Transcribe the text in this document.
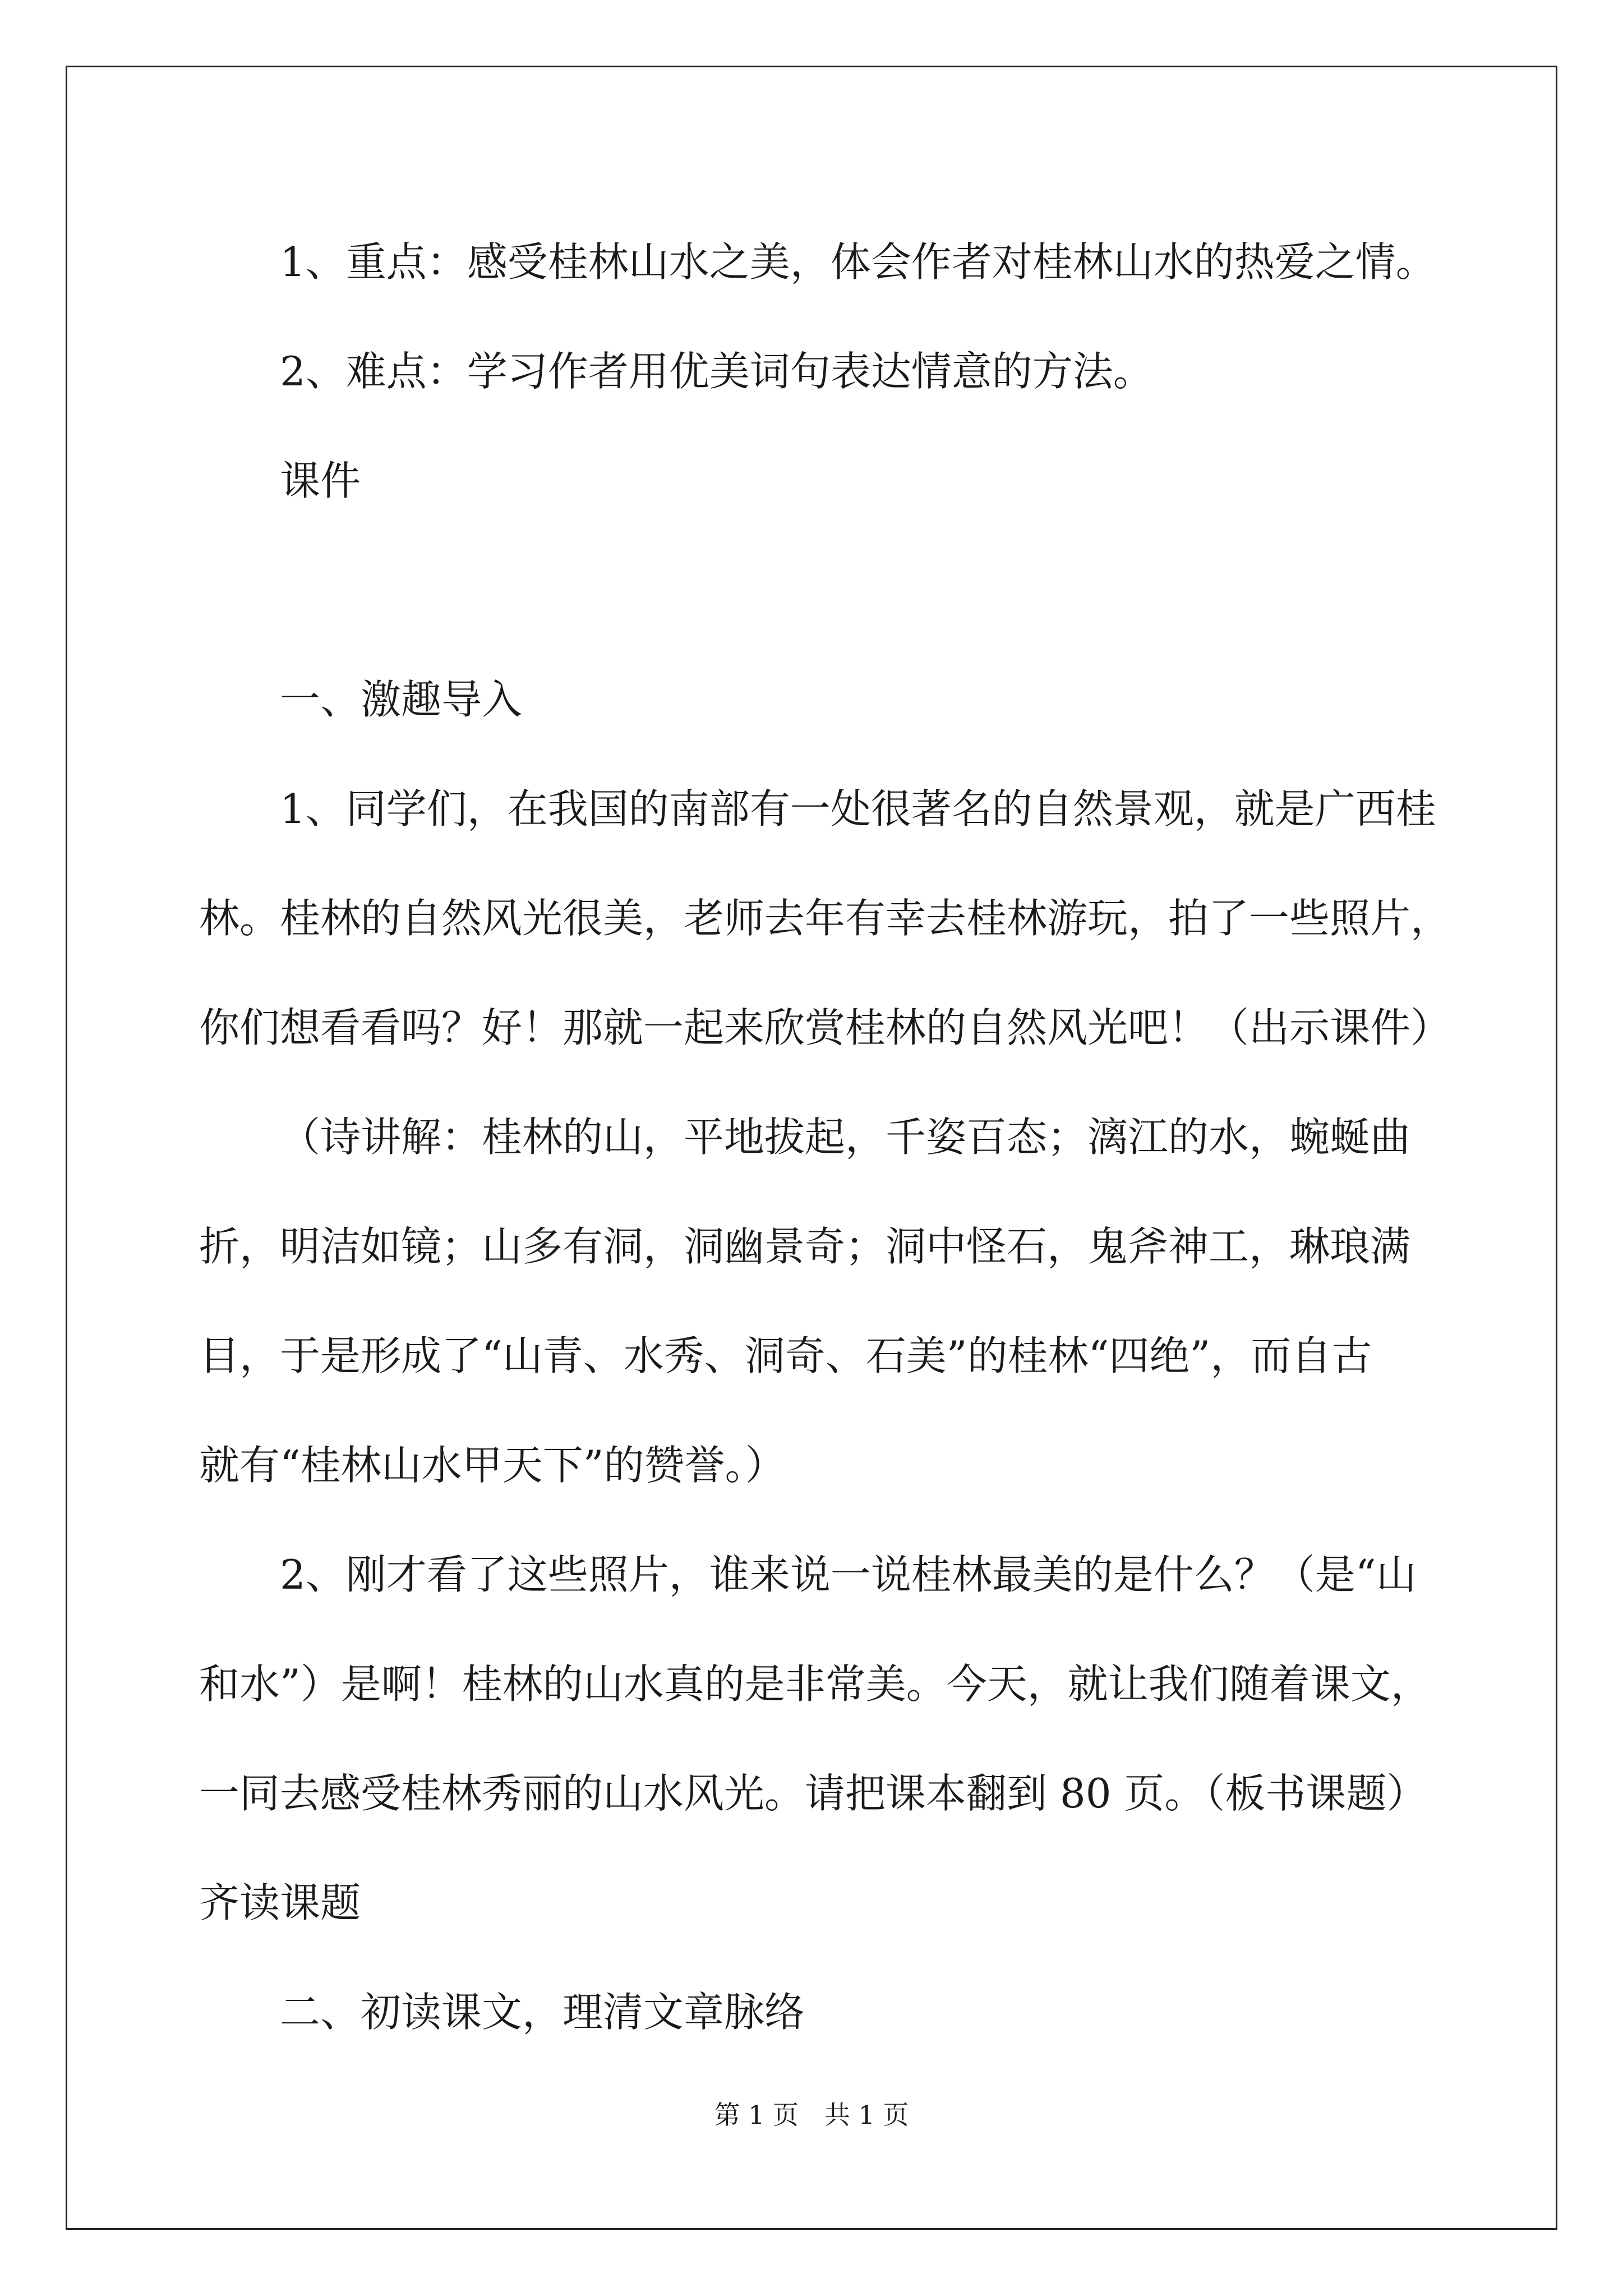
1、重点：感受桂林山水之美，体会作者对桂林山水的热爱之情。

2、难点：学习作者用优美词句表达情意的方法。

课件

一、激趣导入

1、同学们，在我国的南部有一处很著名的自然景观，就是广西桂

林。桂林的自然风光很美，老师去年有幸去桂林游玩，拍了一些照片，

你们想看看吗？好！那就一起来欣赏桂林的自然风光吧！（出示课件）

（诗讲解：桂林的山，平地拔起，千姿百态；漓江的水，蜿蜒曲

折，明洁如镜；山多有洞，洞幽景奇；洞中怪石，鬼斧神工，琳琅满

目，于是形成了“山青、水秀、洞奇、石美”的桂林“四绝”，而自古

就有“桂林山水甲天下”的赞誉。）

2、刚才看了这些照片，谁来说一说桂林最美的是什么？（是“山

和水”）是啊！桂林的山水真的是非常美。今天，就让我们随着课文，

一同去感受桂林秀丽的山水风光。请把课本翻到 80 页。（板书课题）

齐读课题

二、初读课文，理清文章脉络

第 1 页　共 1 页
